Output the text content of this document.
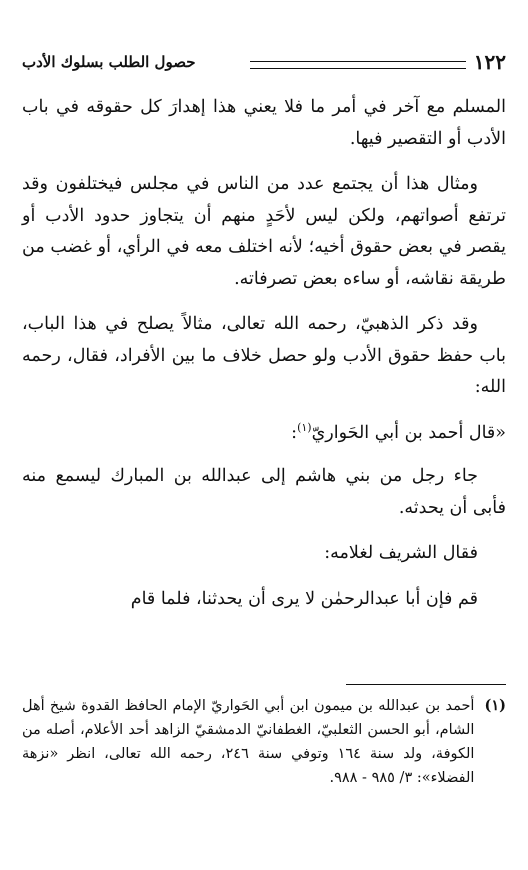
١٢٢
حصول الطلب بسلوك الأدب

المسلم مع آخر في أمر ما فلا يعني هذا إهدارَ كل حقوقه في باب الأدب أو التقصير فيها.

ومثال هذا أن يجتمع عدد من الناس في مجلس فيختلفون وقد ترتفع أصواتهم، ولكن ليس لأحَدٍ منهم أن يتجاوز حدود الأدب أو يقصر في بعض حقوق أخيه؛ لأنه اختلف معه في الرأي، أو غضب من طريقة نقاشه، أو ساءه بعض تصرفاته.

وقد ذكر الذهبيّ، رحمه الله تعالى، مثالاً يصلح في هذا الباب، باب حفظ حقوق الأدب ولو حصل خلاف ما بين الأفراد، فقال، رحمه الله:

«قال أحمد بن أبي الحَواريّ$^{(١)}$:

جاء رجل من بني هاشم إلى عبدالله بن المبارك ليسمع منه فأبى أن يحدثه.

فقال الشريف لغلامه:

قم فإن أبا عبدالرحمٰن لا يرى أن يحدثنا، فلما قام

(١)
أحمد بن عبدالله بن ميمون ابن أبي الحَواريّ الإمام الحافظ القدوة شيخ أهل الشام، أبو الحسن الثعلبيّ، الغطفانيّ الدمشقيّ الزاهد أحد الأعلام، أصله من الكوفة، ولد سنة ١٦٤ وتوفي سنة ٢٤٦، رحمه الله تعالى، انظر «نزهة الفضلاء»: ٣/ ٩٨٥ - ٩٨٨.
